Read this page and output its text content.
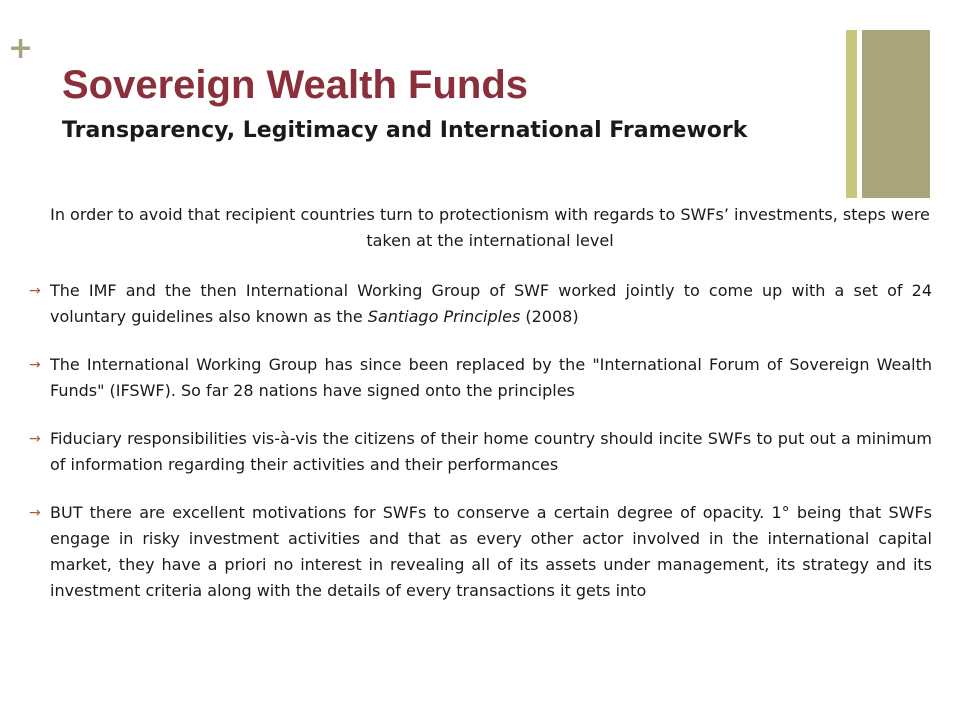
+
Sovereign Wealth Funds
Transparency, Legitimacy and International Framework

In order to avoid that recipient countries turn to protectionism with regards to SWFs’ investments, steps were taken at the international level

→ The IMF and the then International Working Group of SWF worked jointly to come up with a set of 24 voluntary guidelines also known as the Santiago Principles (2008)

→ The International Working Group has since been replaced by the "International Forum of Sovereign Wealth Funds" (IFSWF). So far 28 nations have signed onto the principles

→ Fiduciary responsibilities vis-à-vis the citizens of their home country should incite SWFs to put out a minimum of information regarding their activities and their performances

→ BUT there are excellent motivations for SWFs to conserve a certain degree of opacity. 1° being that SWFs engage in risky investment activities and that as every other actor involved in the international capital market, they have a priori no interest in revealing all of its assets under management, its strategy and its investment criteria along with the details of every transactions it gets into
